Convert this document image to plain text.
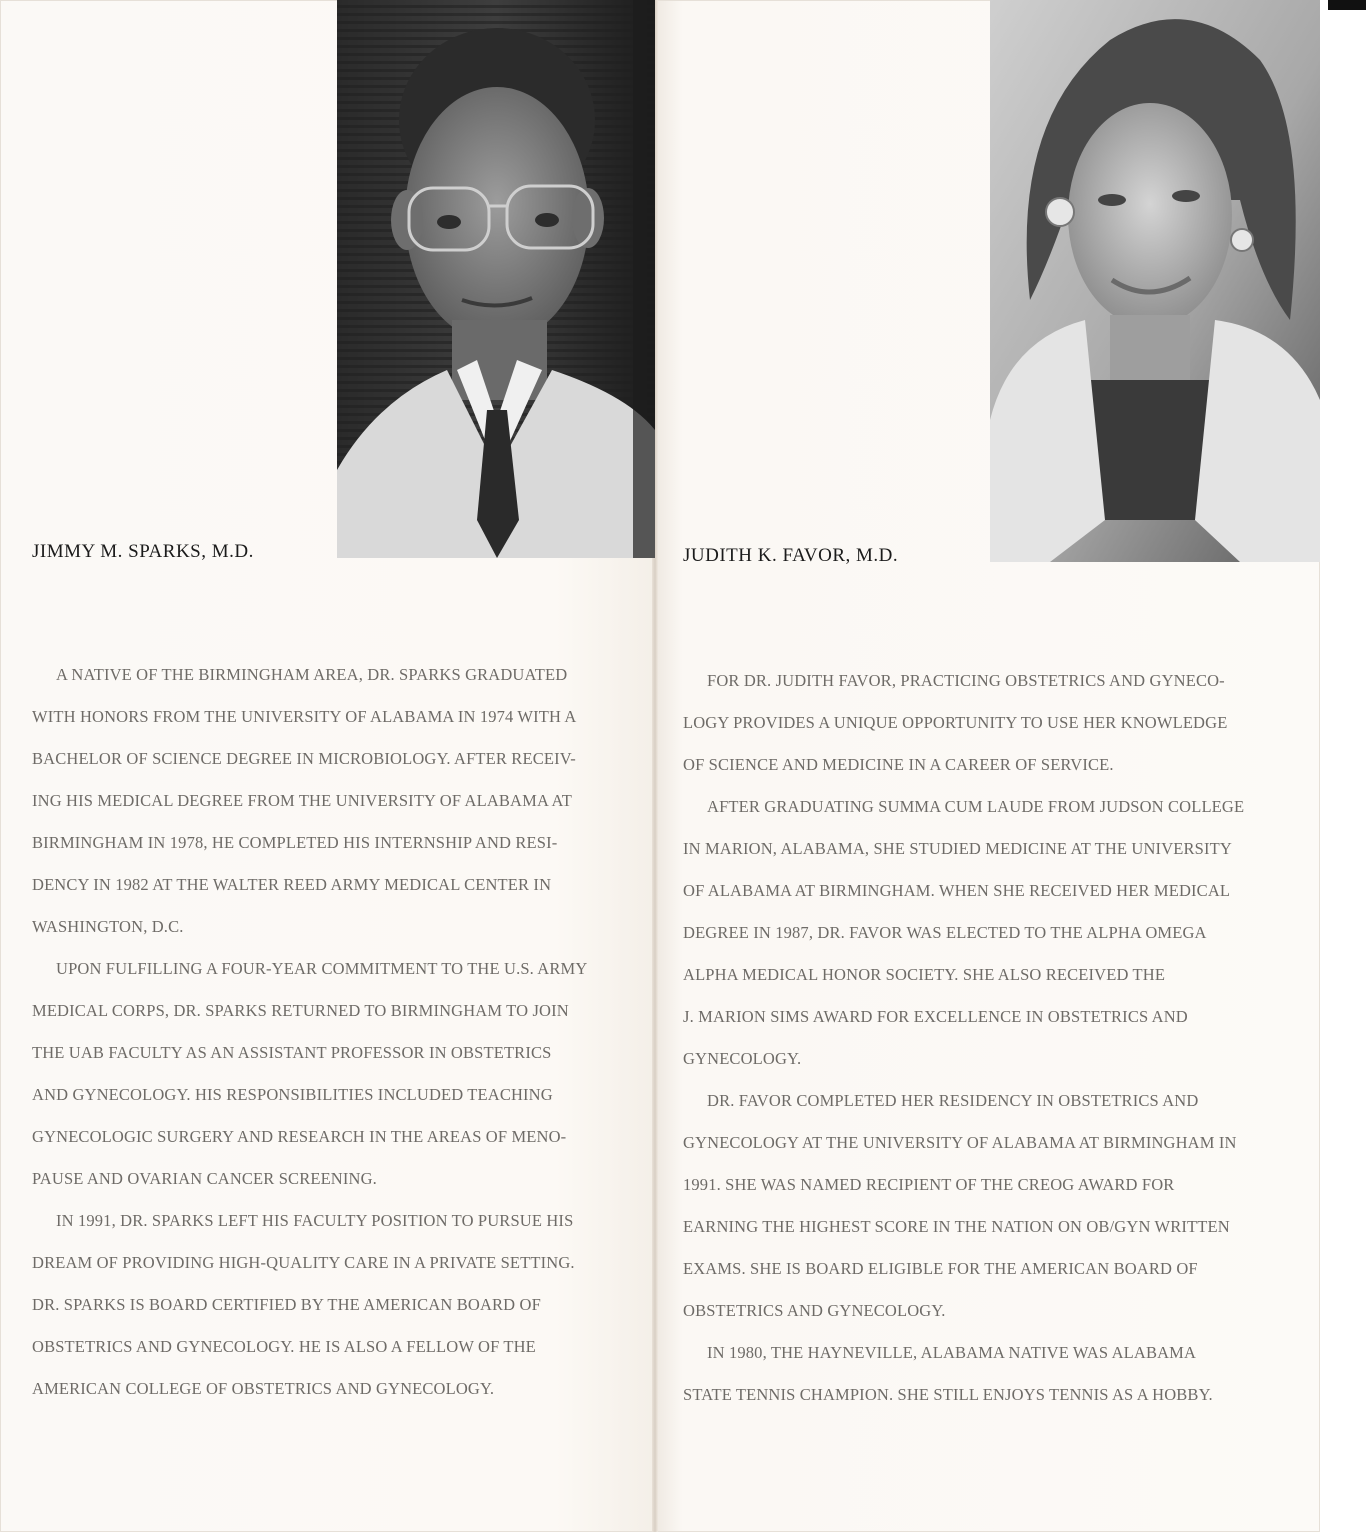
JIMMY M. SPARKS, M.D.	JUDITH K. FAVOR, M.D.
A NATIVE OF THE BIRMINGHAM AREA, DR. SPARKS GRADUATED
WITH HONORS FROM THE UNIVERSITY OF ALABAMA IN 1974 WITH A
BACHELOR OF SCIENCE DEGREE IN MICROBIOLOGY. AFTER RECEIV-
ING HIS MEDICAL DEGREE FROM THE UNIVERSITY OF ALABAMA AT
BIRMINGHAM IN 1978, HE COMPLETED HIS INTERNSHIP AND RESI-
DENCY IN 1982 AT THE WALTER REED ARMY MEDICAL CENTER IN
WASHINGTON, D.C.
UPON FULFILLING A FOUR-YEAR COMMITMENT TO THE U.S. ARMY
MEDICAL CORPS, DR. SPARKS RETURNED TO BIRMINGHAM TO JOIN
THE UAB FACULTY AS AN ASSISTANT PROFESSOR IN OBSTETRICS
AND GYNECOLOGY. HIS RESPONSIBILITIES INCLUDED TEACHING
GYNECOLOGIC SURGERY AND RESEARCH IN THE AREAS OF MENO-
PAUSE AND OVARIAN CANCER SCREENING.
IN 1991, DR. SPARKS LEFT HIS FACULTY POSITION TO PURSUE HIS
DREAM OF PROVIDING HIGH-QUALITY CARE IN A PRIVATE SETTING.
DR. SPARKS IS BOARD CERTIFIED BY THE AMERICAN BOARD OF
OBSTETRICS AND GYNECOLOGY. HE IS ALSO A FELLOW OF THE
AMERICAN COLLEGE OF OBSTETRICS AND GYNECOLOGY.
FOR DR. JUDITH FAVOR, PRACTICING OBSTETRICS AND GYNECO-
LOGY PROVIDES A UNIQUE OPPORTUNITY TO USE HER KNOWLEDGE
OF SCIENCE AND MEDICINE IN A CAREER OF SERVICE.
AFTER GRADUATING SUMMA CUM LAUDE FROM JUDSON COLLEGE
IN MARION, ALABAMA, SHE STUDIED MEDICINE AT THE UNIVERSITY
OF ALABAMA AT BIRMINGHAM. WHEN SHE RECEIVED HER MEDICAL
DEGREE IN 1987, DR. FAVOR WAS ELECTED TO THE ALPHA OMEGA
ALPHA MEDICAL HONOR SOCIETY. SHE ALSO RECEIVED THE
J. MARION SIMS AWARD FOR EXCELLENCE IN OBSTETRICS AND
GYNECOLOGY.
DR. FAVOR COMPLETED HER RESIDENCY IN OBSTETRICS AND
GYNECOLOGY AT THE UNIVERSITY OF ALABAMA AT BIRMINGHAM IN
1991. SHE WAS NAMED RECIPIENT OF THE CREOG AWARD FOR
EARNING THE HIGHEST SCORE IN THE NATION ON OB/GYN WRITTEN
EXAMS. SHE IS BOARD ELIGIBLE FOR THE AMERICAN BOARD OF
OBSTETRICS AND GYNECOLOGY.
IN 1980, THE HAYNEVILLE, ALABAMA NATIVE WAS ALABAMA
STATE TENNIS CHAMPION. SHE STILL ENJOYS TENNIS AS A HOBBY.
